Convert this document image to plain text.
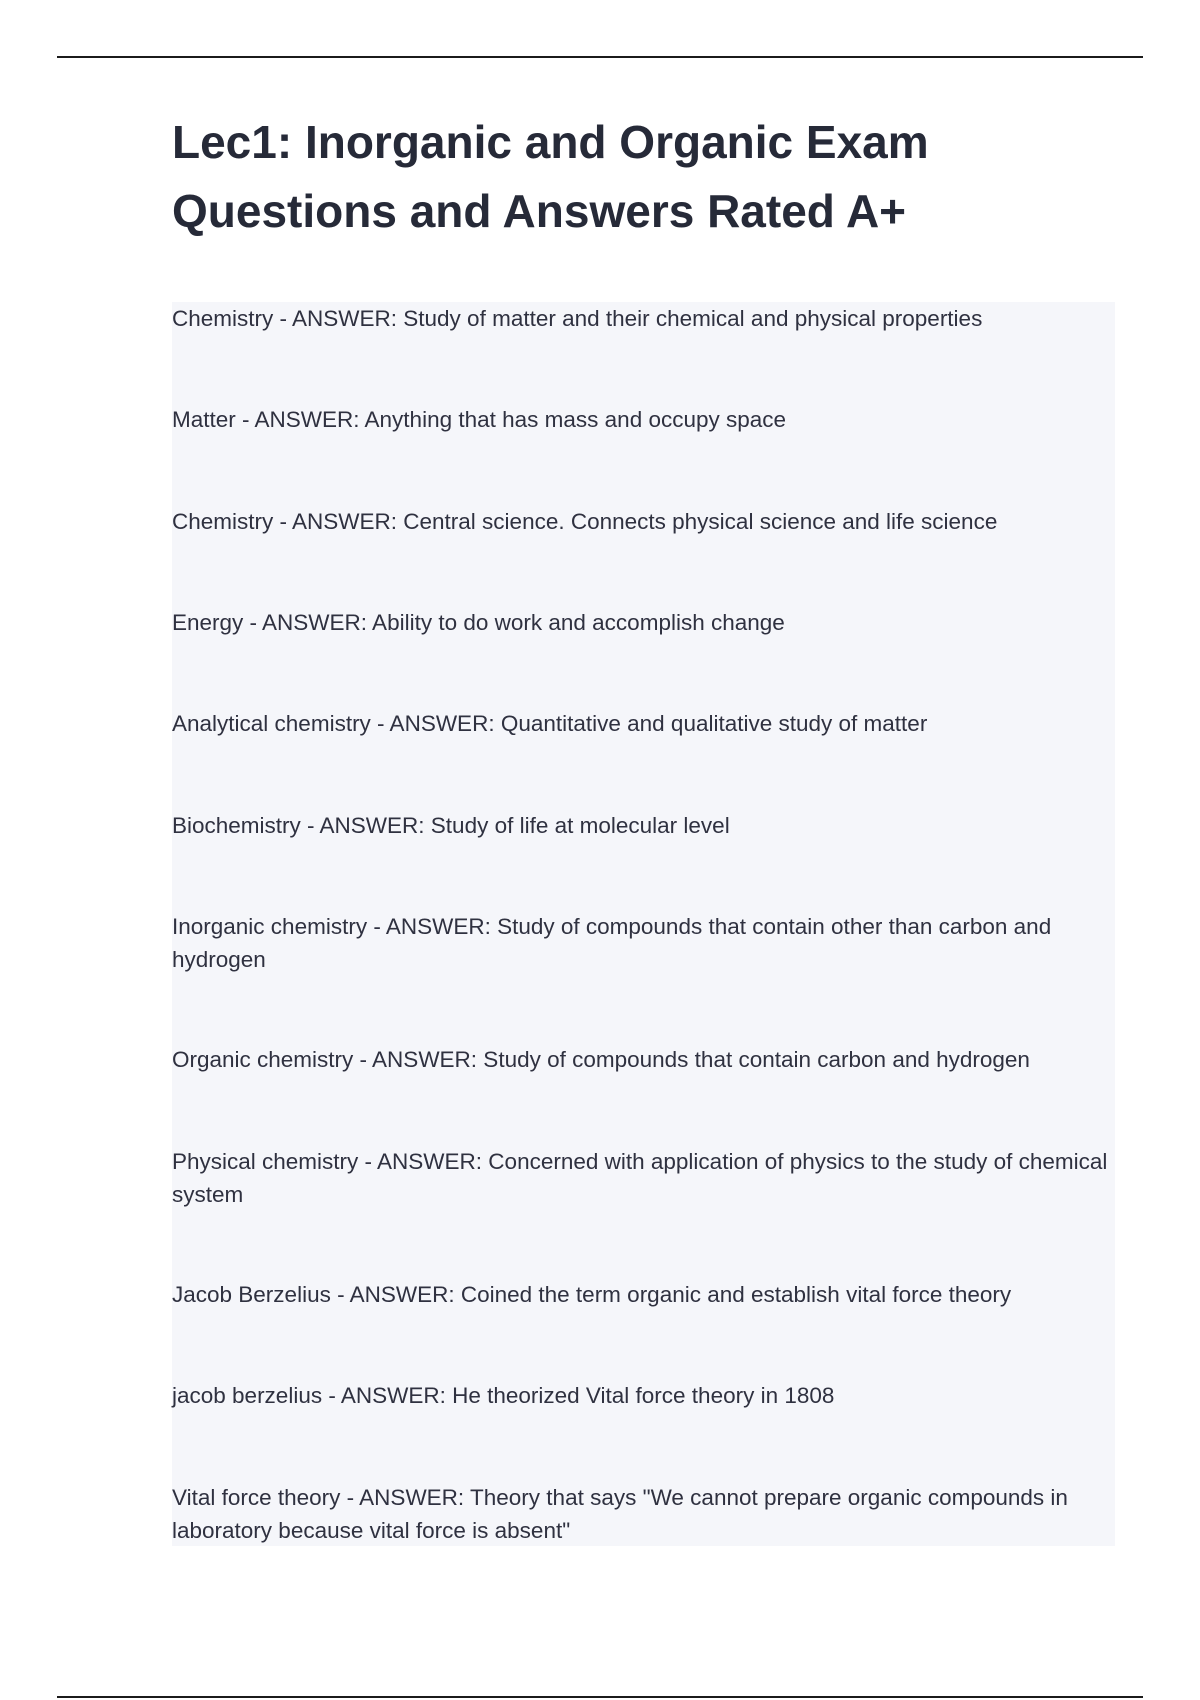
Lec1: Inorganic and Organic Exam Questions and Answers Rated A+

Chemistry - ANSWER: Study of matter and their chemical and physical properties

Matter - ANSWER: Anything that has mass and occupy space

Chemistry - ANSWER: Central science. Connects physical science and life science

Energy - ANSWER: Ability to do work and accomplish change

Analytical chemistry - ANSWER: Quantitative and qualitative study of matter

Biochemistry - ANSWER: Study of life at molecular level

Inorganic chemistry - ANSWER: Study of compounds that contain other than carbon and hydrogen

Organic chemistry - ANSWER: Study of compounds that contain carbon and hydrogen

Physical chemistry - ANSWER: Concerned with application of physics to the study of chemical system

Jacob Berzelius - ANSWER: Coined the term organic and establish vital force theory

jacob berzelius - ANSWER: He theorized Vital force theory in 1808

Vital force theory - ANSWER: Theory that says "We cannot prepare organic compounds in laboratory because vital force is absent"
